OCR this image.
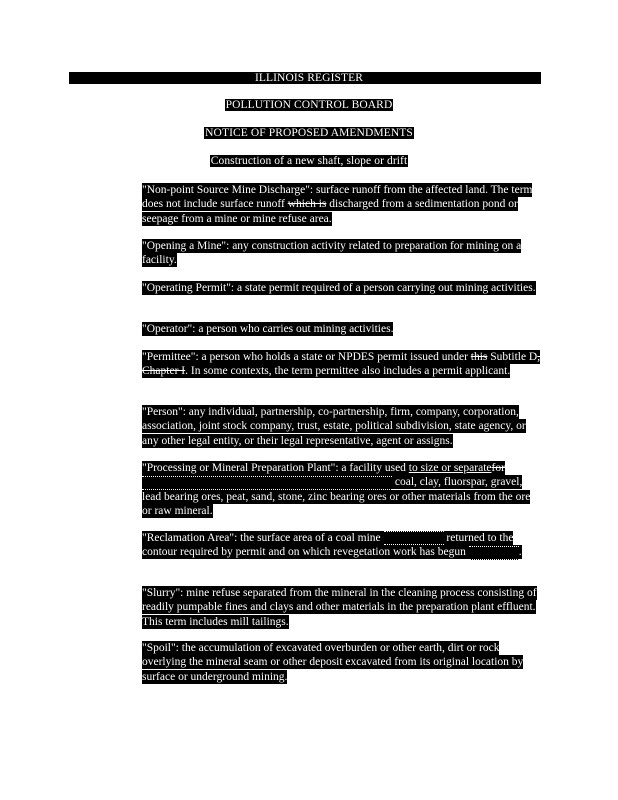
ILLINOIS REGISTER
POLLUTION CONTROL BOARD
NOTICE OF PROPOSED AMENDMENTS
Construction of a new shaft, slope or drift

"Non-point Source Mine Discharge": surface runoff from the affected land. The term does not include surface runoff which is discharged from a sedimentation pond or seepage from a mine or mine refuse area.

"Opening a Mine": any construction activity related to preparation for mining on a facility.

"Operating Permit": a state permit required of a person carrying out mining activities.

"Operator": a person who carries out mining activities.

"Permittee": a person who holds a state or NPDES permit issued under this Subtitle D, Chapter I. In some contexts, the term permittee also includes a permit applicant.

"Person": any individual, partnership, co-partnership, firm, company, corporation, association, joint stock company, trust, estate, political subdivision, state agency, or any other legal entity, or their legal representative, agent or assigns.

"Processing or Mineral Preparation Plant": a facility used to size or separatefor  coal, clay, fluorspar, gravel, lead bearing ores, peat, sand, stone, zinc bearing ores or other materials from the ore or raw mineral.

"Reclamation Area": the surface area of a coal mine	returned to the contour required by permit and on which revegetation work has begun	.

"Slurry": mine refuse separated from the mineral in the cleaning process consisting of readily pumpable fines and clays and other materials in the preparation plant effluent. This term includes mill tailings.

"Spoil": the accumulation of excavated overburden or other earth, dirt or rock overlying the mineral seam or other deposit excavated from its original location by surface or underground mining.
